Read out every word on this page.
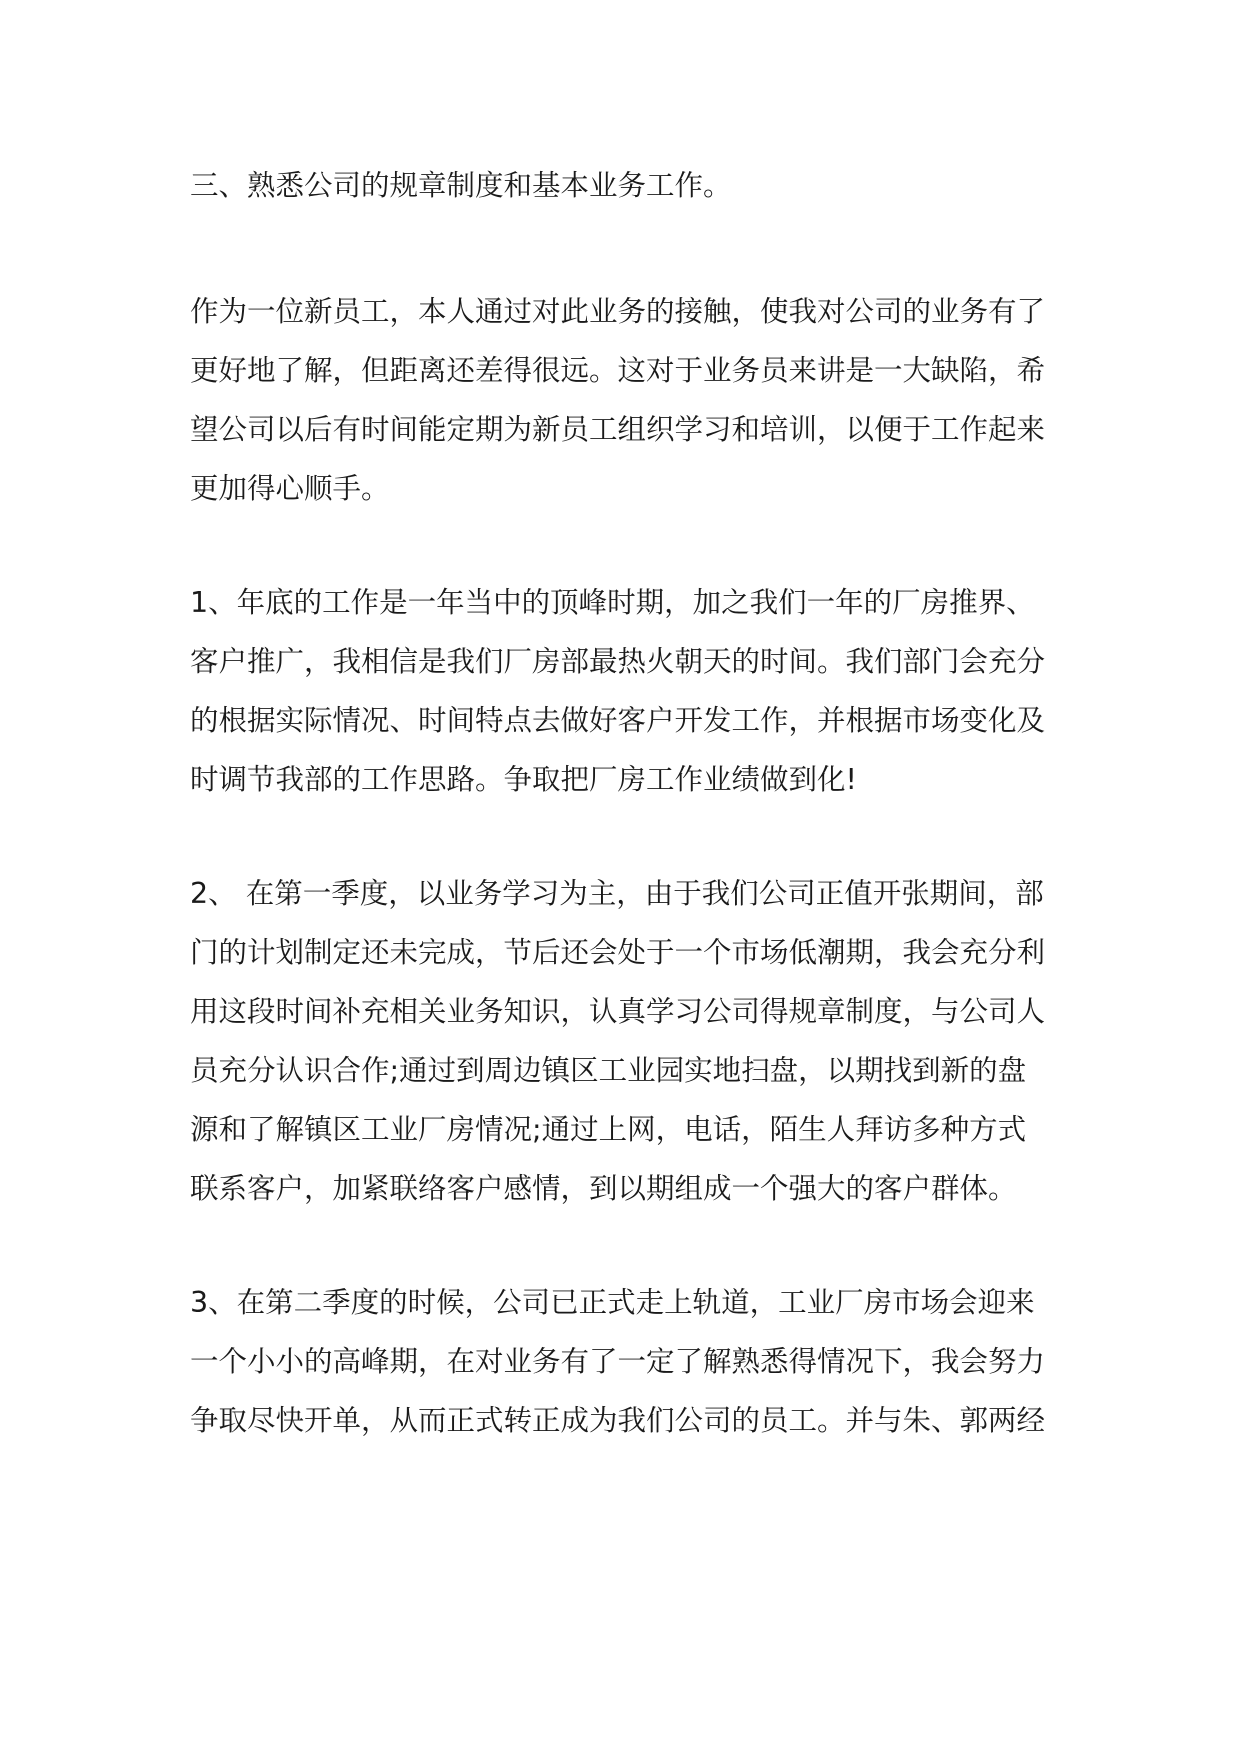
三、熟悉公司的规章制度和基本业务工作。
作为一位新员工，本人通过对此业务的接触，使我对公司的业务有了
更好地了解，但距离还差得很远。这对于业务员来讲是一大缺陷，希
望公司以后有时间能定期为新员工组织学习和培训，以便于工作起来
更加得心顺手。
1、年底的工作是一年当中的顶峰时期，加之我们一年的厂房推界、
客户推广，我相信是我们厂房部最热火朝天的时间。我们部门会充分
的根据实际情况、时间特点去做好客户开发工作，并根据市场变化及
时调节我部的工作思路。争取把厂房工作业绩做到化!
2、 在第一季度，以业务学习为主，由于我们公司正值开张期间，部
门的计划制定还未完成，节后还会处于一个市场低潮期，我会充分利
用这段时间补充相关业务知识，认真学习公司得规章制度，与公司人
员充分认识合作;通过到周边镇区工业园实地扫盘，以期找到新的盘
源和了解镇区工业厂房情况;通过上网，电话，陌生人拜访多种方式
联系客户，加紧联络客户感情，到以期组成一个强大的客户群体。
3、在第二季度的时候，公司已正式走上轨道，工业厂房市场会迎来
一个小小的高峰期，在对业务有了一定了解熟悉得情况下，我会努力
争取尽快开单，从而正式转正成为我们公司的员工。并与朱、郭两经
